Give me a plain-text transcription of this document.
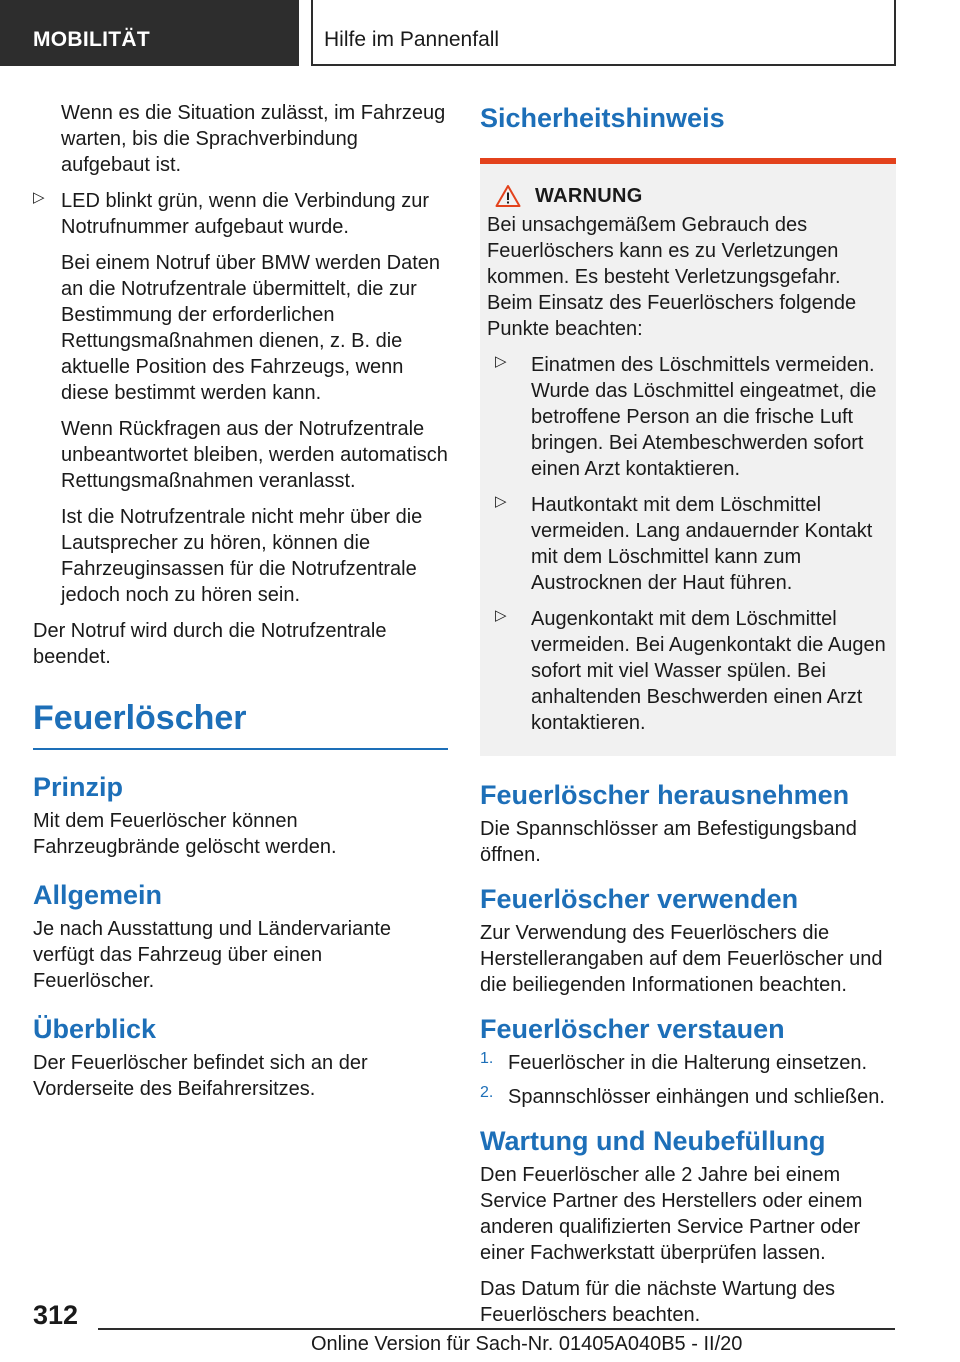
MOBILITÄT	Hilfe im Pannenfall

Wenn es die Situation zulässt, im Fahrzeug warten, bis die Sprachverbindung aufgebaut ist.

▷ LED blinkt grün, wenn die Verbindung zur Notrufnummer aufgebaut wurde.

Bei einem Notruf über BMW werden Daten an die Notrufzentrale übermittelt, die zur Bestimmung der erforderlichen Rettungsmaßnahmen dienen, z. B. die aktuelle Position des Fahrzeugs, wenn diese bestimmt werden kann.

Wenn Rückfragen aus der Notrufzentrale unbeantwortet bleiben, werden automatisch Rettungsmaßnahmen veranlasst.

Ist die Notrufzentrale nicht mehr über die Lautsprecher zu hören, können die Fahrzeuginsassen für die Notrufzentrale jedoch noch zu hören sein.

Der Notruf wird durch die Notrufzentrale beendet.

Feuerlöscher
Prinzip

Mit dem Feuerlöscher können Fahrzeugbrände gelöscht werden.

Allgemein

Je nach Ausstattung und Ländervariante verfügt das Fahrzeug über einen Feuerlöscher.

Überblick

Der Feuerlöscher befindet sich an der Vorderseite des Beifahrersitzes.

Sicherheitshinweis
WARNUNG

Bei unsachgemäßem Gebrauch des Feuerlöschers kann es zu Verletzungen kommen. Es besteht Verletzungsgefahr. Beim Einsatz des Feuerlöschers folgende Punkte beachten:

▷ Einatmen des Löschmittels vermeiden. Wurde das Löschmittel eingeatmet, die betroffene Person an die frische Luft bringen. Bei Atembeschwerden sofort einen Arzt kontaktieren.

▷ Hautkontakt mit dem Löschmittel vermeiden. Lang andauernder Kontakt mit dem Löschmittel kann zum Austrocknen der Haut führen.

▷ Augenkontakt mit dem Löschmittel vermeiden. Bei Augenkontakt die Augen sofort mit viel Wasser spülen. Bei anhaltenden Beschwerden einen Arzt kontaktieren.

Feuerlöscher herausnehmen

Die Spannschlösser am Befestigungsband öffnen.

Feuerlöscher verwenden

Zur Verwendung des Feuerlöschers die Herstellerangaben auf dem Feuerlöscher und die beiliegenden Informationen beachten.

Feuerlöscher verstauen
1. Feuerlöscher in die Halterung einsetzen.

2. Spannschlösser einhängen und schließen.

Wartung und Neubefüllung

Den Feuerlöscher alle 2 Jahre bei einem Service Partner des Herstellers oder einem anderen qualifizierten Service Partner oder einer Fachwerkstatt überprüfen lassen.

Das Datum für die nächste Wartung des Feuerlöschers beachten.

312
Online Version für Sach-Nr. 01405A040B5 - II/20
